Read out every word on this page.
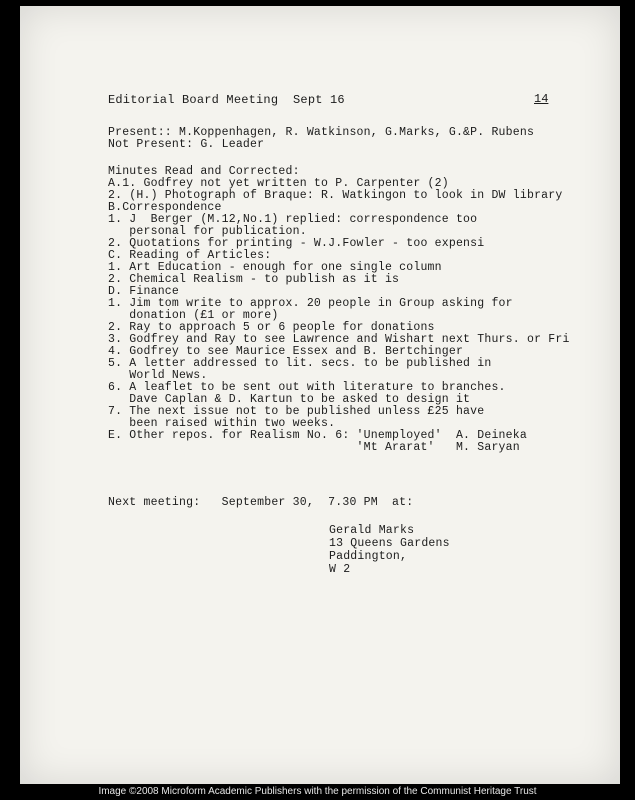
Editorial Board Meeting  Sept 16	14
Present:: M.Koppenhagen, R. Watkinson, G.Marks, G.&P. Rubens
Not Present: G. Leader
Minutes Read and Corrected:
A.1. Godfrey not yet written to P. Carpenter (2)
2. (H.) Photograph of Braque: R. Watkingon to look in DW library
B.Correspondence
1. J  Berger (M.12,No.1) replied: correspondence too
personal for publication.
2. Quotations for printing - W.J.Fowler - too expensi
C. Reading of Articles:
1. Art Education - enough for one single column
2. Chemical Realism - to publish as it is
D. Finance
1. Jim tom write to approx. 20 people in Group asking for
donation (£1 or more)
2. Ray to approach 5 or 6 people for donations
3. Godfrey and Ray to see Lawrence and Wishart next Thurs. or Fri
4. Godfrey to see Maurice Essex and B. Bertchinger
5. A letter addressed to lit. secs. to be published in
World News.
6. A leaflet to be sent out with literature to branches.
Dave Caplan & D. Kartun to be asked to design it
7. The next issue not to be published unless £25 have
been raised within two weeks.
E. Other repos. for Realism No. 6: 'Unemployed'  A. Deineka
'Mt Ararat'   M. Saryan
Next meeting:   September 30,  7.30 PM  at:
Gerald Marks
13 Queens Gardens
Paddington,
W 2
Image ©2008 Microform Academic Publishers with the permission of the Communist Heritage Trust
